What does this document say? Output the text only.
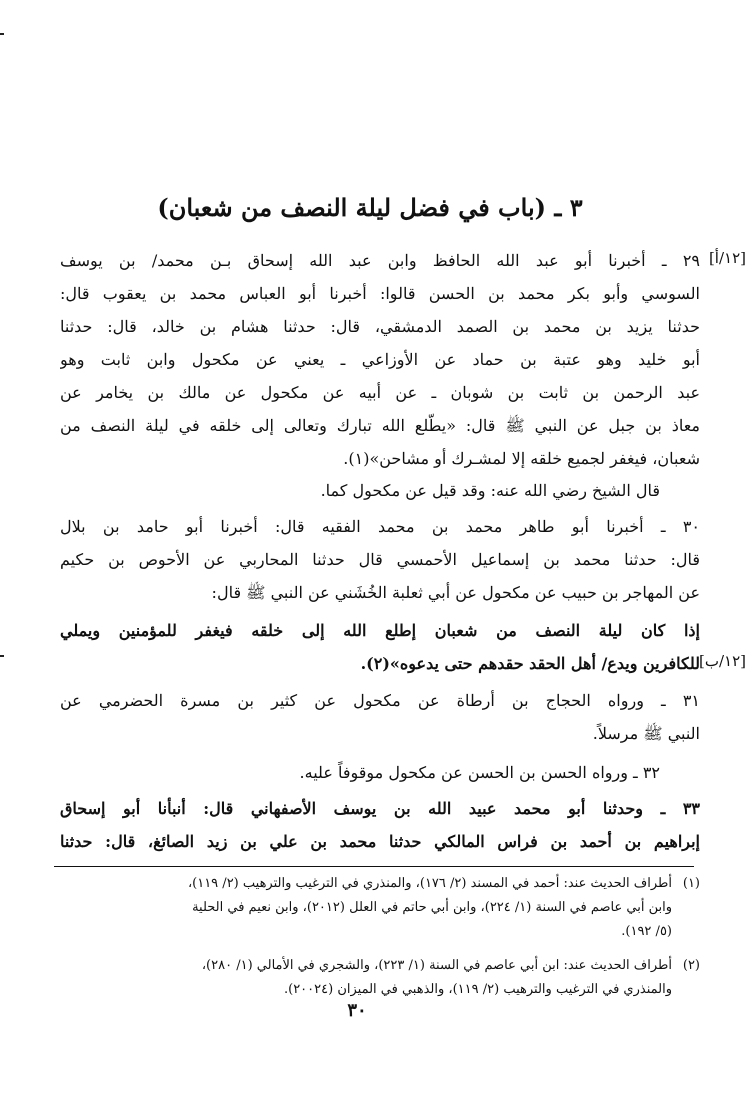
٣ ـ (باب في فضل ليلة النصف من شعبان)
[١٢/أ]
[١٢/ب]
٢٩ ـ أخبرنا أبو عبد الله الحافظ وابن عبد الله إسحاق بـن محمد/ بن يوسف
السوسي وأبو بكر محمد بن الحسن قالوا: أخبرنا أبو العباس محمد بن يعقوب قال:
حدثنا يزيد بن محمد بن الصمد الدمشقي، قال: حدثنا هشام بن خالد، قال: حدثنا
أبو خليد وهو عتبة بن حماد عن الأوزاعي ـ يعني عن مكحول وابن ثابت وهو
عبد الرحمن بن ثابت بن شوبان ـ عن أبيه عن مكحول عن مالك بن يخامر عن
معاذ بن جبل عن النبي ﷺ قال: «يطّلع الله تبارك وتعالى إلى خلقه في ليلة النصف من
شعبان، فيغفر لجميع خلقه إلا لمشـرك أو مشاحن»(١).
قال الشيخ رضي الله عنه: وقد قيل عن مكحول كما.
٣٠ ـ أخبرنا أبو طاهر محمد بن محمد الفقيه قال: أخبرنا أبو حامد بن بلال
قال: حدثنا محمد بن إسماعيل الأحمسي قال حدثنا المحاربي عن الأحوص بن حكيم
عن المهاجر بن حبيب عن مكحول عن أبي ثعلبة الخُشَني عن النبي ﷺ قال:
إذا كان ليلة النصف من شعبان إطلع الله إلى خلقه فيغفر للمؤمنين ويملي
للكافرين ويدع/ أهل الحقد حقدهم حتى يدعوه»(٢).
٣١ ـ ورواه الحجاج بن أرطاة عن مكحول عن كثير بن مسرة الحضرمي عن
النبي ﷺ مرسلاً.
٣٢ ـ ورواه الحسن بن الحسن عن مكحول موقوفاً عليه.
٣٣ ـ وحدثنا أبو محمد عبيد الله بن يوسف الأصفهاني قال: أنبأنا أبو إسحاق
إبراهيم بن أحمد بن فراس المالكي حدثنا محمد بن علي بن زيد الصائغ، قال: حدثنا
(١)
أطراف الحديث عند: أحمد في المسند (٢/ ١٧٦)، والمنذري في الترغيب والترهيب (٢/ ١١٩)،
وابن أبي عاصم في السنة (١/ ٢٢٤)، وابن أبي حاتم في العلل (٢٠١٢)، وابن نعيم في الحلية
(٥/ ١٩٢).
(٢)
أطراف الحديث عند: ابن أبي عاصم في السنة (١/ ٢٢٣)، والشجري في الأمالي (١/ ٢٨٠)،
والمنذري في الترغيب والترهيب (٢/ ١١٩)، والذهبي في الميزان (٢٠٠٢٤).
٣٠
